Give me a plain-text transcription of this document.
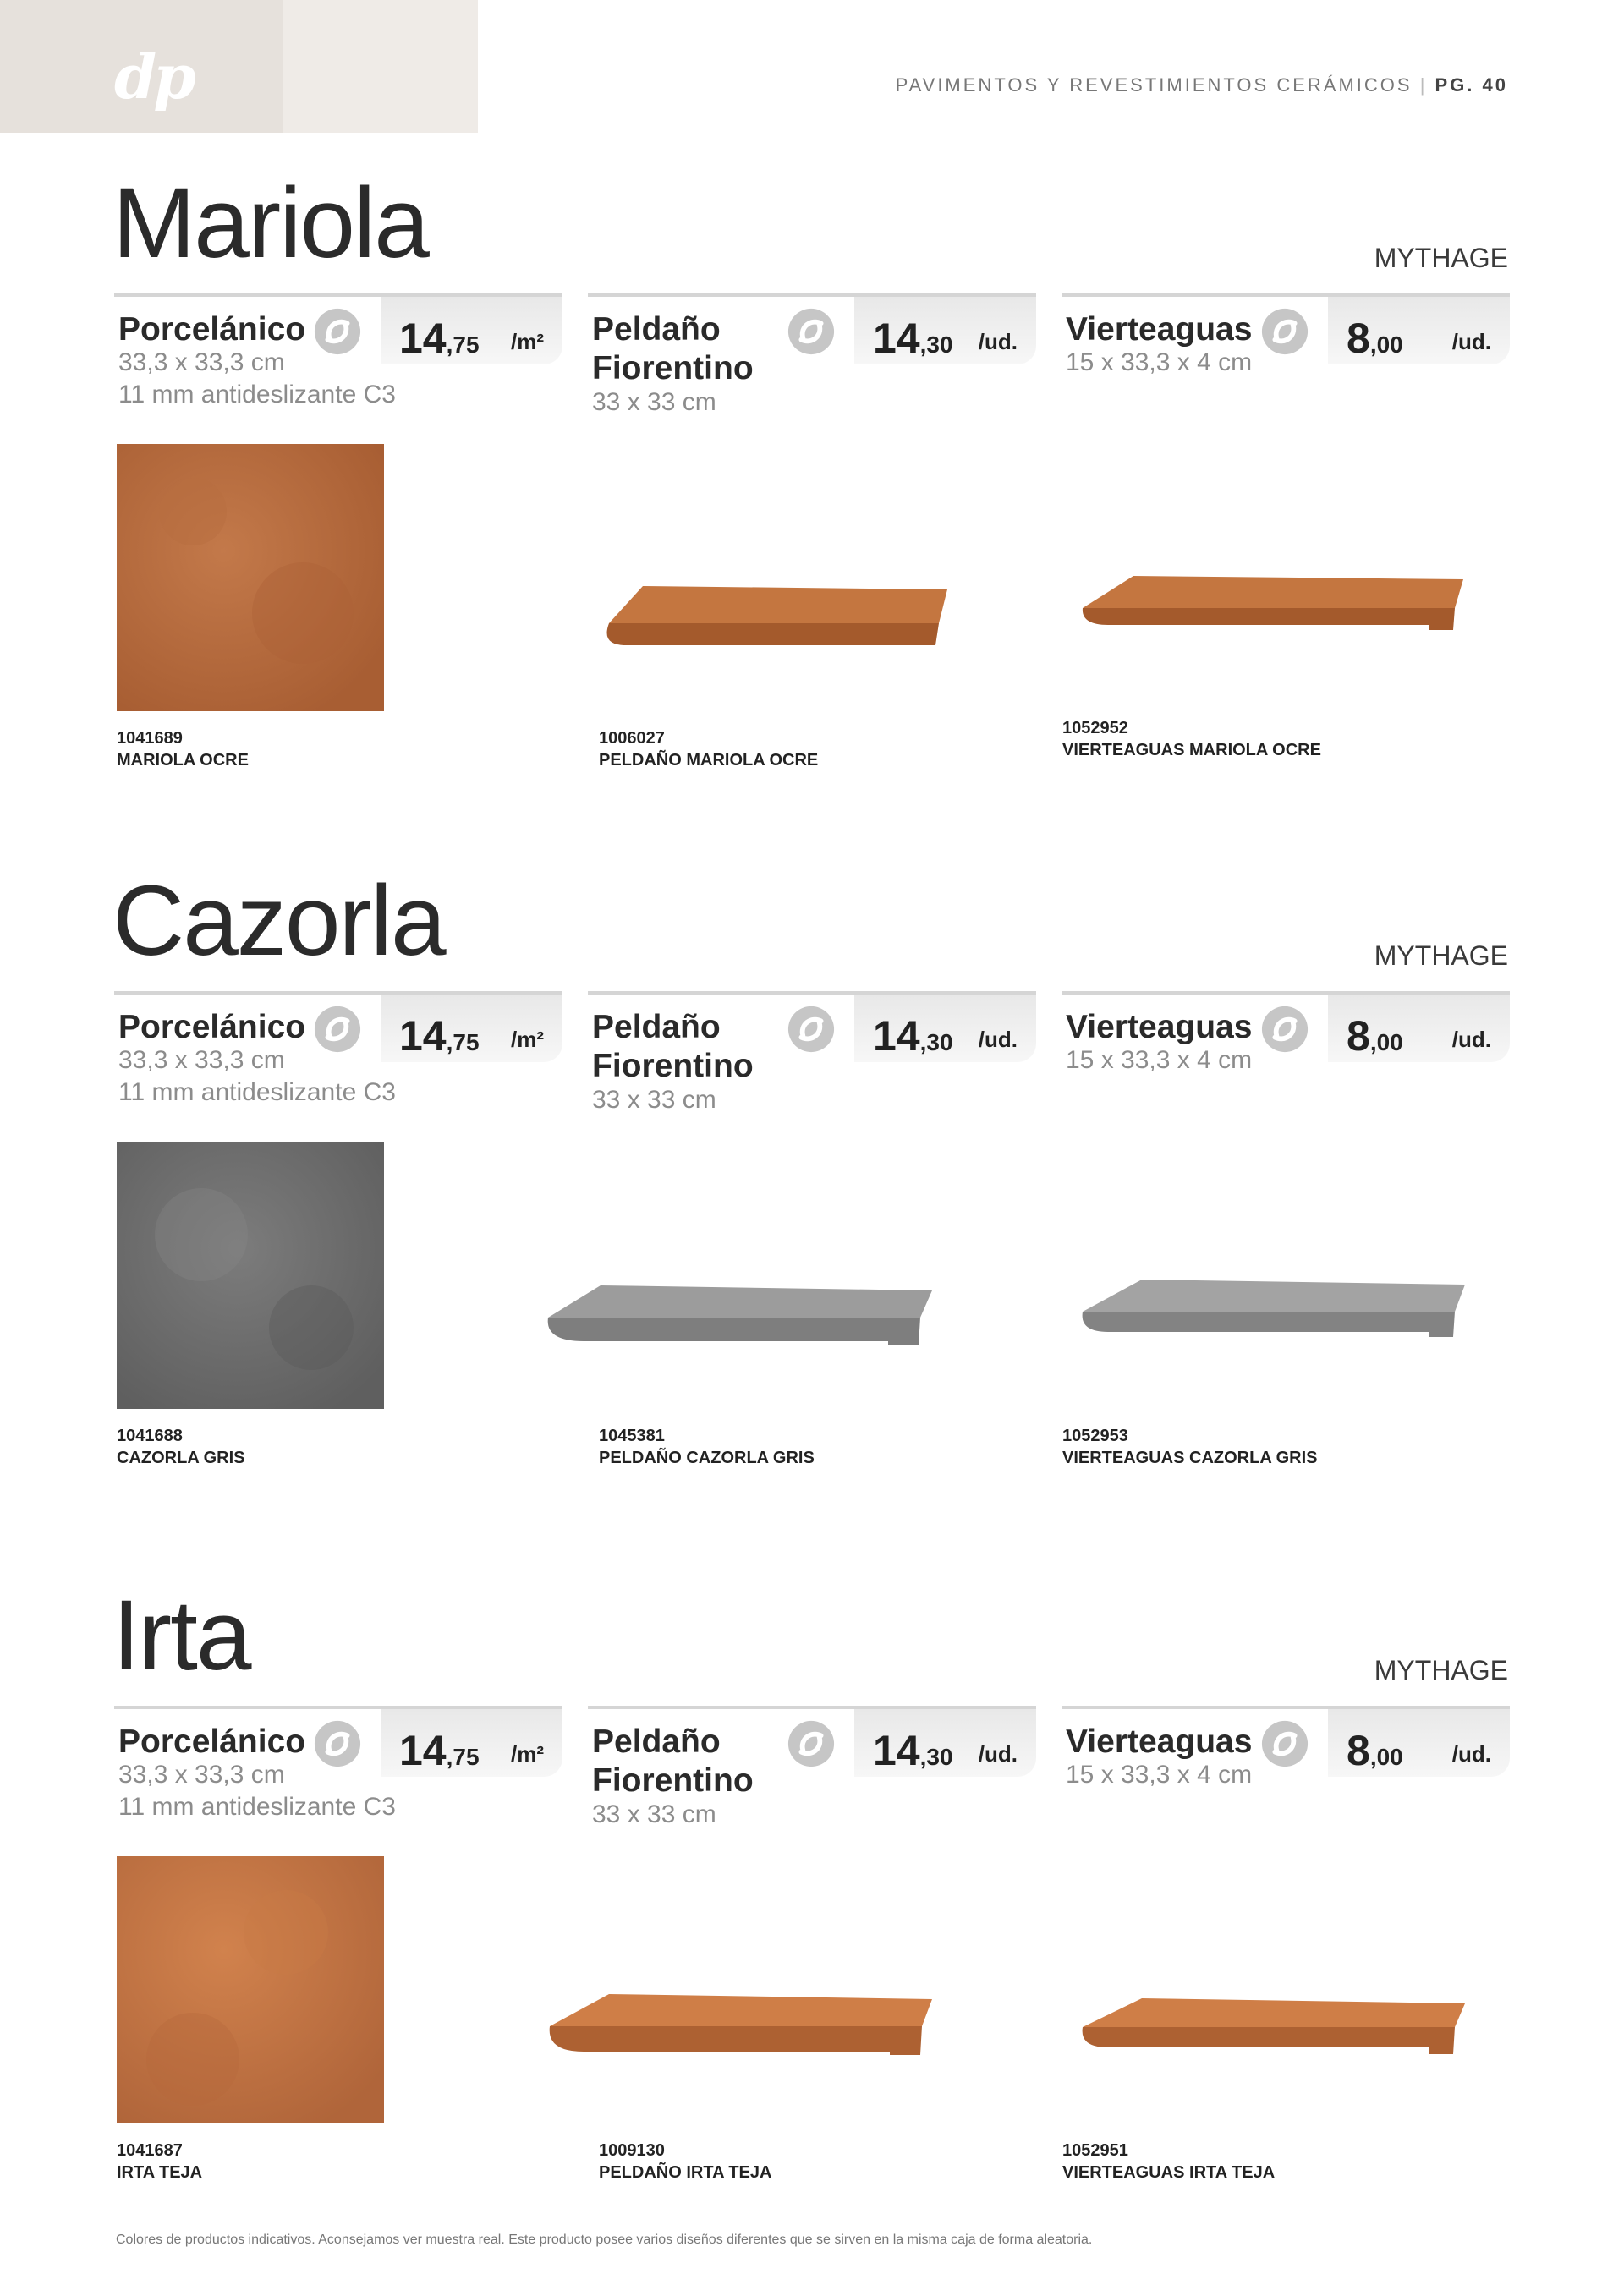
dp	PAVIMENTOS Y REVESTIMIENTOS CERÁMICOS | PG. 40
Mariola	MYTHAGE
Porcelánico 14,75 /m²
33,3 x 33,3 cm
11 mm antideslizante C3
Peldaño
Fiorentino
14,30 /ud.
33 x 33 cm
Vierteaguas 8,00 /ud.
15 x 33,3 x 4 cm
1041689
MARIOLA OCRE
1006027
PELDAÑO MARIOLA OCRE
1052952
VIERTEAGUAS MARIOLA OCRE
Cazorla	MYTHAGE
Porcelánico 14,75 /m²
33,3 x 33,3 cm
11 mm antideslizante C3
Peldaño
Fiorentino
14,30 /ud.
33 x 33 cm
Vierteaguas 8,00 /ud.
15 x 33,3 x 4 cm
1041688
CAZORLA GRIS
1045381
PELDAÑO CAZORLA GRIS
1052953
VIERTEAGUAS CAZORLA GRIS
Irta	MYTHAGE
Porcelánico 14,75 /m²
33,3 x 33,3 cm
11 mm antideslizante C3
Peldaño
Fiorentino
14,30 /ud.
33 x 33 cm
Vierteaguas 8,00 /ud.
15 x 33,3 x 4 cm
1041687
IRTA TEJA
1009130
PELDAÑO IRTA TEJA
1052951
VIERTEAGUAS IRTA TEJA
Colores de productos indicativos. Aconsejamos ver muestra real. Este producto posee varios diseños diferentes que se sirven en la misma caja de forma aleatoria.
